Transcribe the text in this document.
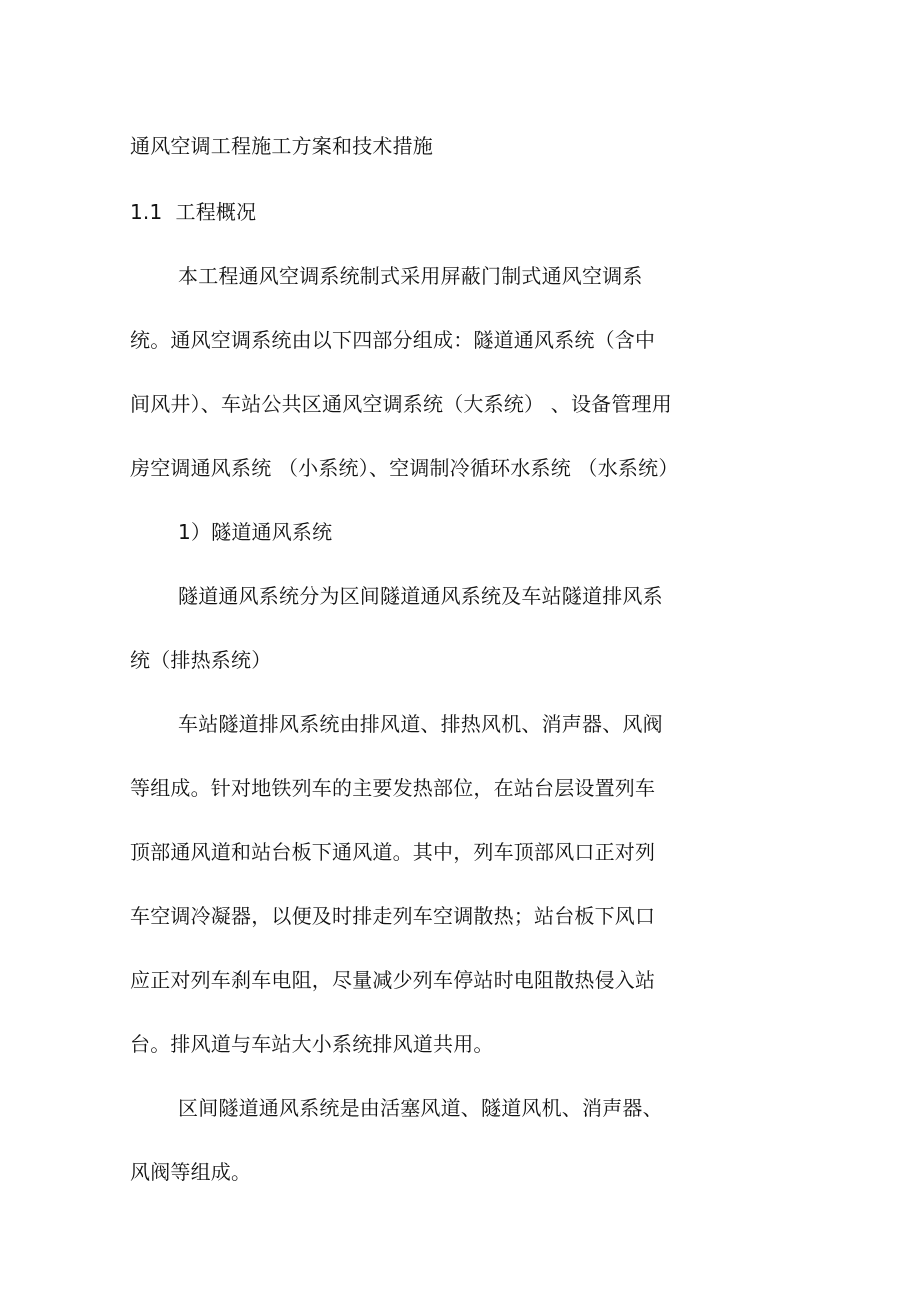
通风空调工程施工方案和技术措施
1.1  工程概况
本工程通风空调系统制式采用屏蔽门制式通风空调系
统。通风空调系统由以下四部分组成：隧道通风系统（含中
间风井）、车站公共区通风空调系统（大系统） 、设备管理用
房空调通风系统 （小系统）、空调制冷循环水系统 （水系统）
1）隧道通风系统
隧道通风系统分为区间隧道通风系统及车站隧道排风系
统（排热系统）
车站隧道排风系统由排风道、排热风机、消声器、风阀
等组成。针对地铁列车的主要发热部位，在站台层设置列车
顶部通风道和站台板下通风道。其中，列车顶部风口正对列
车空调冷凝器，以便及时排走列车空调散热；站台板下风口
应正对列车刹车电阻，尽量减少列车停站时电阻散热侵入站
台。排风道与车站大小系统排风道共用。
区间隧道通风系统是由活塞风道、隧道风机、消声器、
风阀等组成。
